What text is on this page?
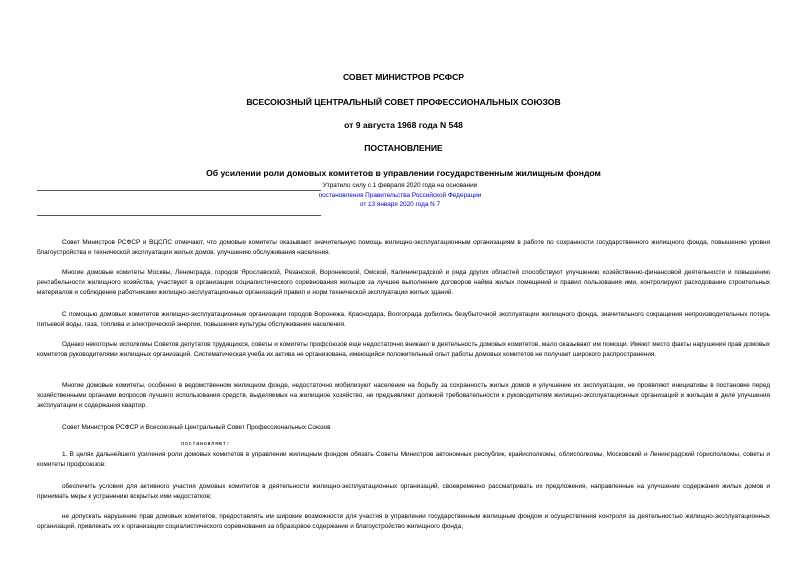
СОВЕТ МИНИСТРОВ РСФСР
ВСЕСОЮЗНЫЙ ЦЕНТРАЛЬНЫЙ СОВЕТ ПРОФЕССИОНАЛЬНЫХ СОЮЗОВ
от 9 августа 1968 года N 548
ПОСТАНОВЛЕНИЕ
Об усилении роли домовых комитетов в управлении государственным жилищным фондом
Утратило силу с 1 февраля 2020 года на основании
постановления Правительства Российской Федерации
от 13 января 2020 года N 7

Совет Министров РСФСР и ВЦСПС отмечают, что домовые комитеты оказывают значительную помощь жилищно-эксплуатационным организациям в работе по сохранности государственного жилищного фонда, повышению уровня благоустройства и технической эксплуатации жилых домов, улучшению обслуживания населения.

Многие домовые комитеты Москвы, Ленинграда, городов Ярославской, Рязанской, Воронежской, Омской, Калининградской и ряда других областей способствуют улучшению хозяйственно-финансовой деятельности и повышению рентабельности жилищного хозяйства, участвуют в организации социалистического соревнования жильцов за лучшее выполнение договоров найма жилых помещений и правил пользования ими, контролируют расходование строительных материалов и соблюдение работниками жилищно-эксплуатационных организаций правил и норм технической эксплуатации жилых зданий.

С помощью домовых комитетов жилищно-эксплуатационные организации городов Воронежа, Краснодара, Волгограда добились безубыточной эксплуатации жилищного фонда, значительного сокращения непроизводительных потерь питьевой воды, газа, топлива и электрической энергии, повышения культуры обслуживания населения.

Однако некоторые исполкомы Советов депутатов трудящихся, советы и комитеты профсоюзов еще недостаточно вникают в деятельность домовых комитетов, мало оказывают им помощи. Имеют место факты нарушения прав домовых комитетов руководителями жилищных организаций. Систематическая учеба их актива не организована, имеющийся положительный опыт работы домовых комитетов не получает широкого распространения.

Многие домовые комитеты, особенно в ведомственном жилищном фонде, недостаточно мобилизуют население на борьбу за сохранность жилых домов и улучшение их эксплуатации, не проявляют инициативы в постановке перед хозяйственными органами вопросов лучшего использования средств, выделяемых на жилищное хозяйство, не предъявляют должной требовательности к руководителям жилищно-эксплуатационных организаций и жильцам в деле улучшения эксплуатации и содержания квартир.

Совет Министров РСФСР и Всесоюзный Центральный Совет Профессиональных Союзов

постановляют:

1. В целях дальнейшего усиления роли домовых комитетов в управлении жилищным фондом обязать Советы Министров автономных республик, крайисполкомы, облисполкомы, Московский и Ленинградский горисполкомы, советы и комитеты профсоюзов:

обеспечить условия для активного участия домовых комитетов в деятельности жилищно-эксплуатационных организаций, своевременно рассматривать их предложения, направленные на улучшение содержания жилых домов и принимать меры к устранению вскрытых ими недостатков;

не допускать нарушение прав домовых комитетов, предоставлять им широкие возможности для участия в управлении государственным жилищным фондом и осуществления контроля за деятельностью жилищно-эксплуатационных организаций, привлекать их к организации социалистического соревнования за образцовое содержание и благоустройство жилищного фонда;
